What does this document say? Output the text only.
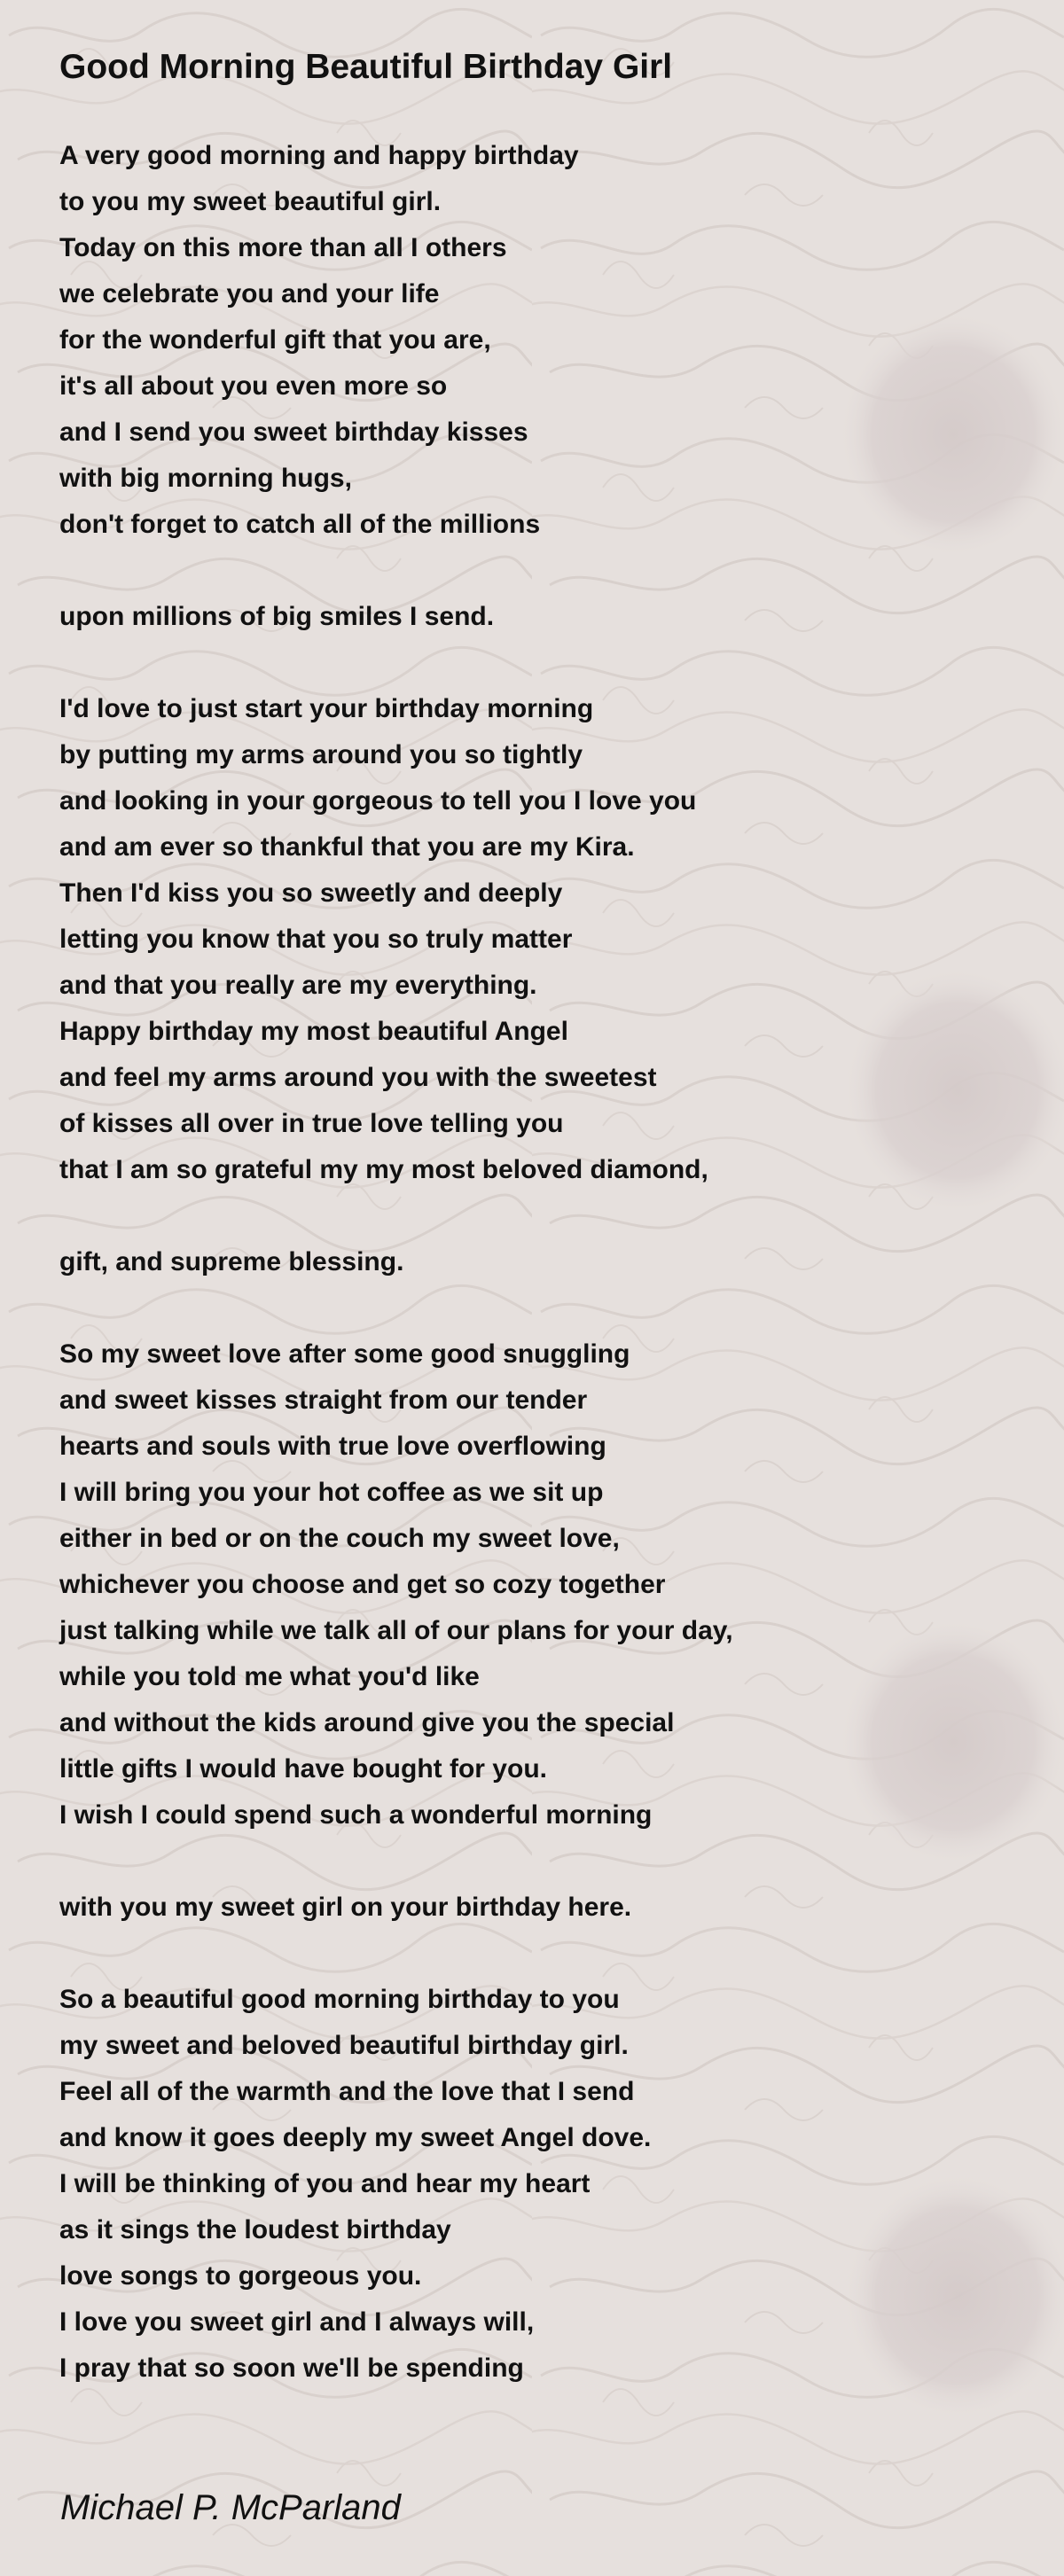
Good Morning Beautiful Birthday Girl
A very good morning and happy birthday
to you my sweet beautiful girl.
Today on this more than all I others
we celebrate you and your life
for the wonderful gift that you are,
it's all about you even more so
and I send you sweet birthday kisses
with big morning hugs,
don't forget to catch all of the millions
upon millions of big smiles I send.
I'd love to just start your birthday morning
by putting my arms around you so tightly
and looking in your gorgeous to tell you I love you
and am ever so thankful that you are my Kira.
Then I'd kiss you so sweetly and deeply
letting you know that you so truly matter
and that you really are my everything.
Happy birthday my most beautiful Angel
and feel my arms around you with the sweetest
of kisses all over in true love telling you
that I am so grateful my my most beloved diamond,
gift, and supreme blessing.
So my sweet love after some good snuggling
and sweet kisses straight from our tender
hearts and souls with true love overflowing
I will bring you your hot coffee as we sit up
either in bed or on the couch my sweet love,
whichever you choose and get so cozy together
just talking while we talk all of our plans for your day,
while you told me what you'd like
and without the kids around give you the special
little gifts I would have bought for you.
I wish I could spend such a wonderful morning
with you my sweet girl on your birthday here.
So a beautiful good morning birthday to you
my sweet and beloved beautiful birthday girl.
Feel all of the warmth and the love that I send
and know it goes deeply my sweet Angel dove.
I will be thinking of you and hear my heart
as it sings the loudest birthday
love songs to gorgeous you.
I love you sweet girl and I always will,
I pray that so soon we'll be spending
Michael P. McParland
